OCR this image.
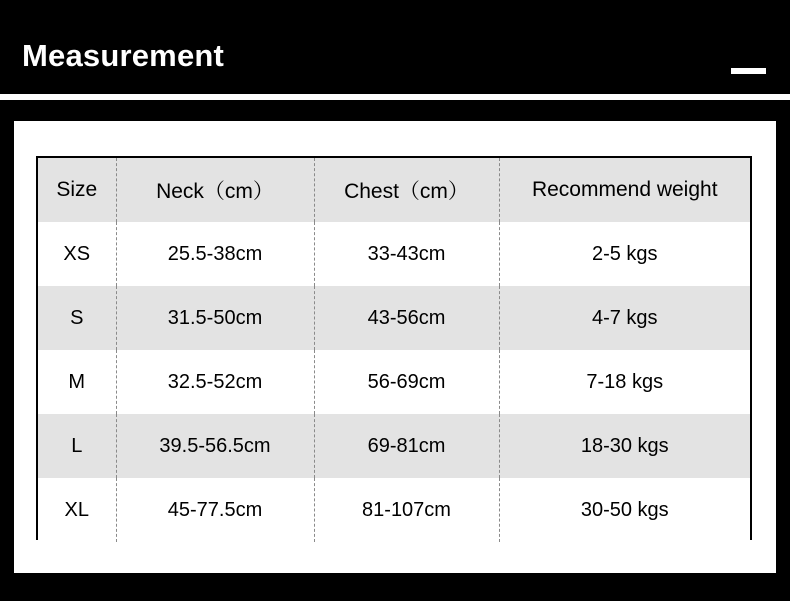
Measurement
Size	Neck（cm）	Chest（cm）	Recommend weight
XS	25.5-38cm	33-43cm	2-5 kgs
S	31.5-50cm	43-56cm	4-7 kgs
M	32.5-52cm	56-69cm	7-18 kgs
L	39.5-56.5cm	69-81cm	18-30 kgs
XL	45-77.5cm	81-107cm	30-50 kgs
